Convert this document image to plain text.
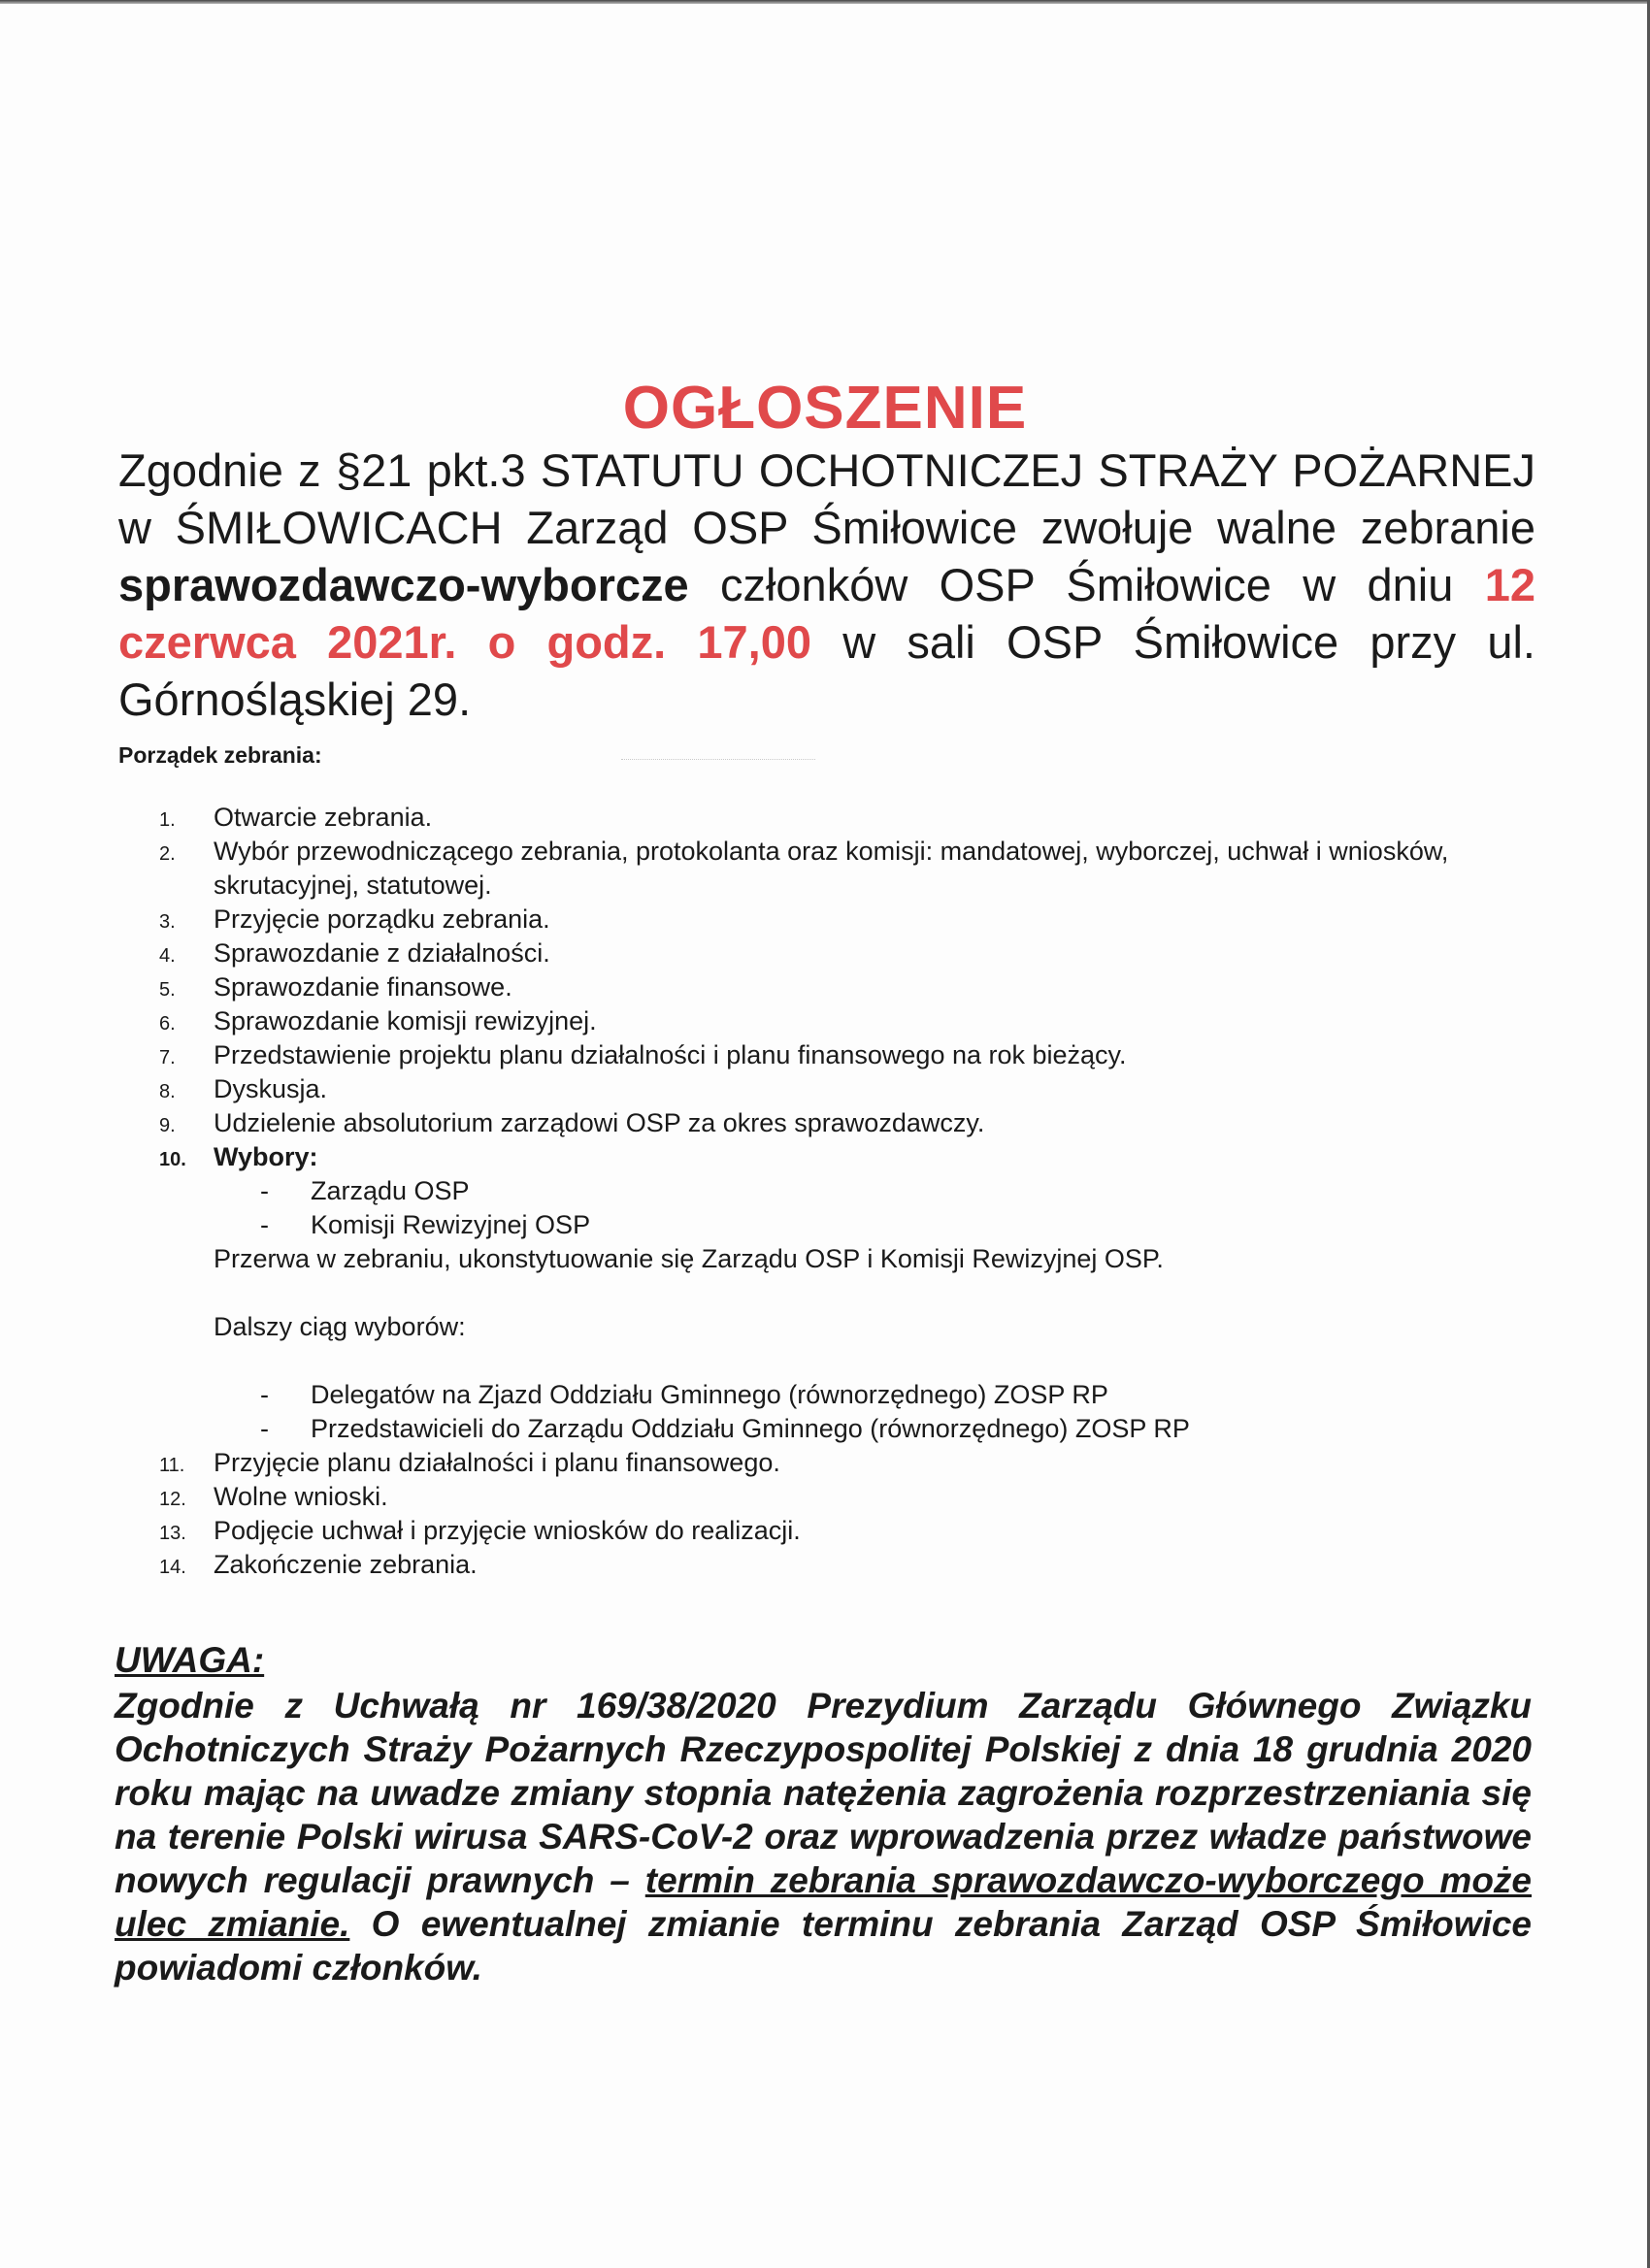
OGŁOSZENIE
Zgodnie z §21 pkt.3 STATUTU OCHOTNICZEJ STRAŻY POŻARNEJ w ŚMIŁOWICACH Zarząd OSP Śmiłowice zwołuje walne zebranie sprawozdawczo-wyborcze członków OSP Śmiłowice w dniu 12 czerwca 2021r. o godz. 17,00 w sali OSP Śmiłowice przy ul. Górnośląskiej 29.
Porządek zebrania:
1.	Otwarcie zebrania.
2.	Wybór przewodniczącego zebrania, protokolanta oraz komisji: mandatowej, wyborczej, uchwał i wniosków, skrutacyjnej, statutowej.
3.	Przyjęcie porządku zebrania.
4.	Sprawozdanie z działalności.
5.	Sprawozdanie finansowe.
6.	Sprawozdanie komisji rewizyjnej.
7.	Przedstawienie projektu planu działalności i planu finansowego na rok bieżący.
8.	Dyskusja.
9.	Udzielenie absolutorium zarządowi OSP za okres sprawozdawczy.
10.	Wybory:
- Zarządu OSP
- Komisji Rewizyjnej OSP
Przerwa w zebraniu, ukonstytuowanie się Zarządu OSP i Komisji Rewizyjnej OSP.
Dalszy ciąg wyborów:
- Delegatów na Zjazd Oddziału Gminnego (równorzędnego) ZOSP RP
- Przedstawicieli do Zarządu Oddziału Gminnego (równorzędnego) ZOSP RP
11.	Przyjęcie planu działalności i planu finansowego.
12.	Wolne wnioski.
13.	Podjęcie uchwał i przyjęcie wniosków do realizacji.
14.	Zakończenie zebrania.
UWAGA:
Zgodnie z Uchwałą nr 169/38/2020 Prezydium Zarządu Głównego Związku Ochotniczych Straży Pożarnych Rzeczypospolitej Polskiej z dnia 18 grudnia 2020 roku mając na uwadze zmiany stopnia natężenia zagrożenia rozprzestrzeniania się na terenie Polski wirusa SARS-CoV-2 oraz wprowadzenia przez władze państwowe nowych regulacji prawnych – termin zebrania sprawozdawczo-wyborczego może ulec zmianie. O ewentualnej zmianie terminu zebrania Zarząd OSP Śmiłowice powiadomi członków.
